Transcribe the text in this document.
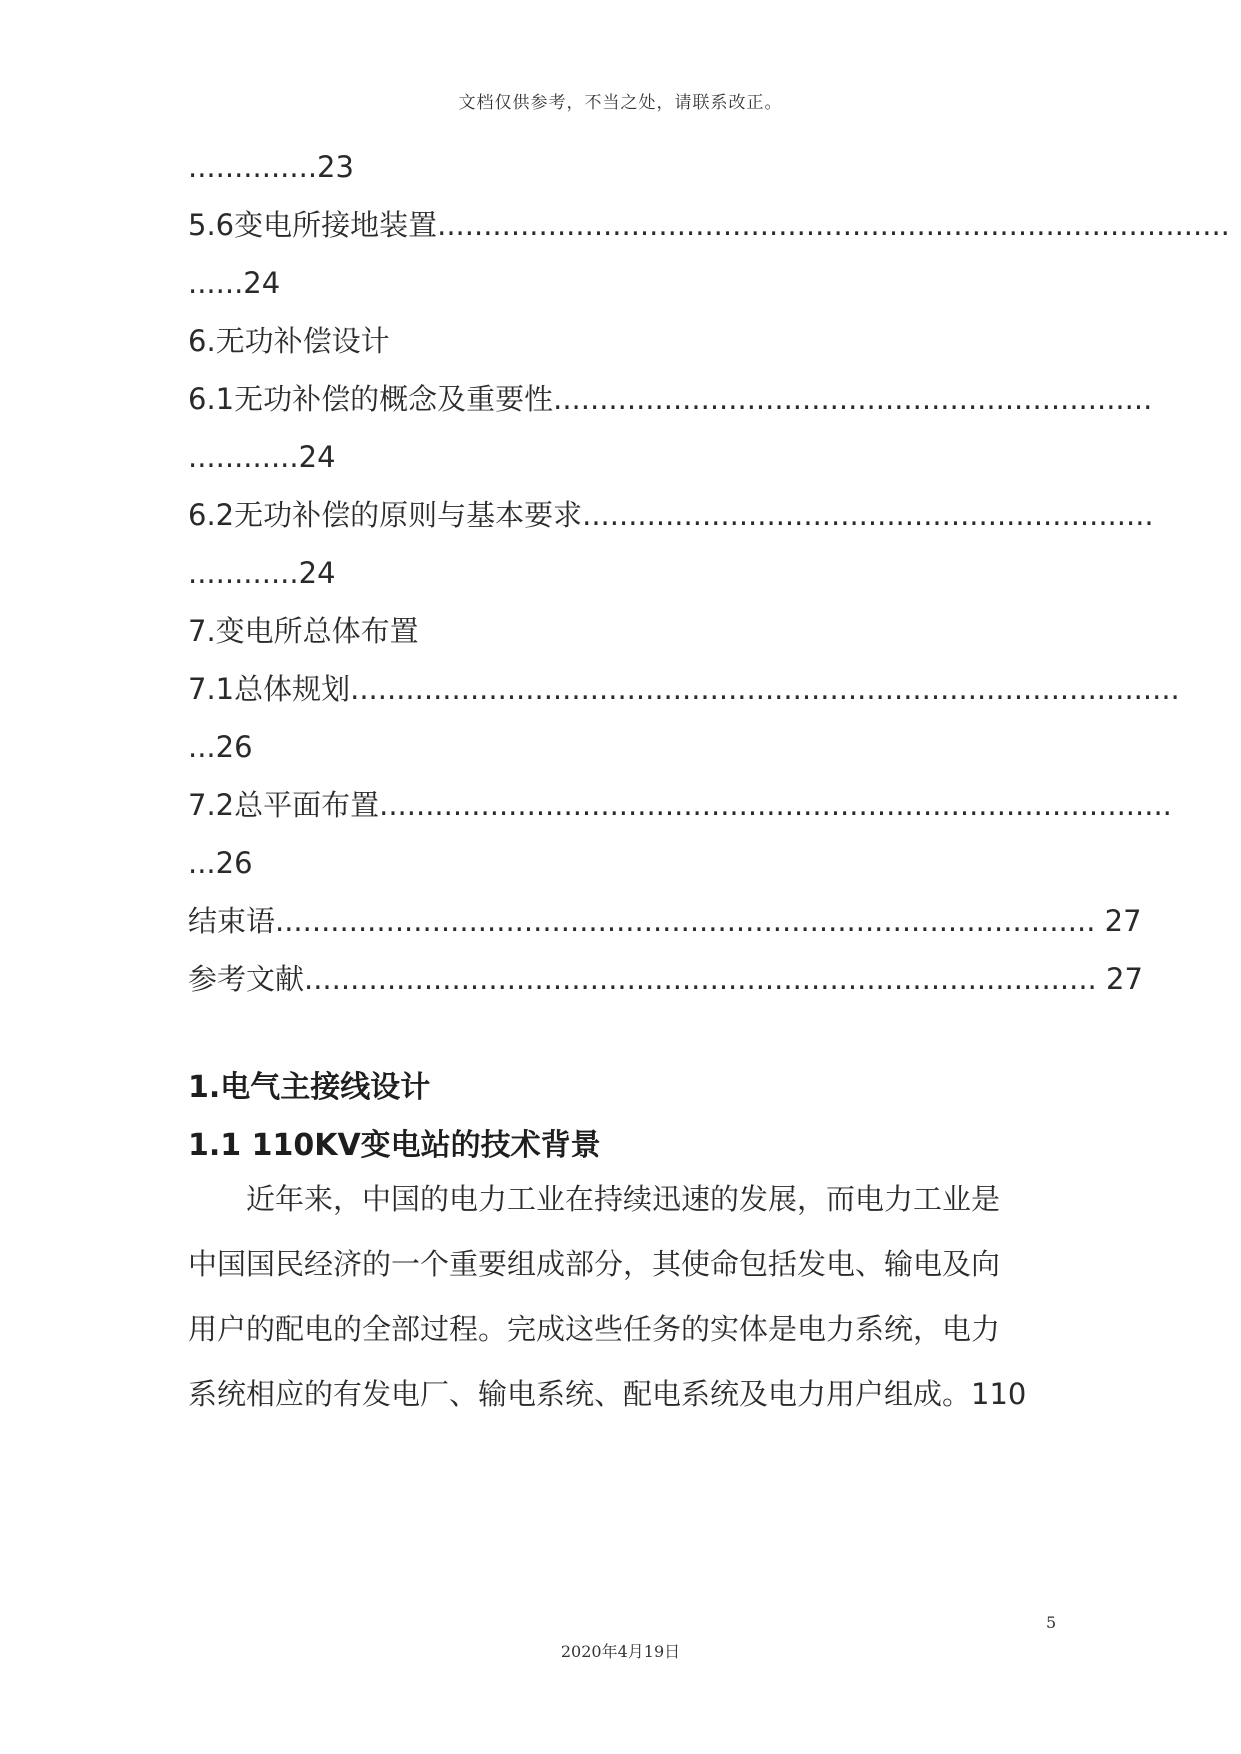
文档仅供参考，不当之处，请联系改正。
..............23
5.6变电所接地装置......................................................................................
......24
6.无功补偿设计
6.1无功补偿的概念及重要性.................................................................
............24
6.2无功补偿的原则与基本要求..............................................................
............24
7.变电所总体布置
7.1总体规划..........................................................................................
...26
7.2总平面布置......................................................................................
...26
结束语......................................................................................... 27
参考文献...................................................................................... 27
1.电气主接线设计
1.1 110KV变电站的技术背景
近年来，中国的电力工业在持续迅速的发展，而电力工业是
中国国民经济的一个重要组成部分，其使命包括发电、输电及向
用户的配电的全部过程。完成这些任务的实体是电力系统，电力
系统相应的有发电厂、输电系统、配电系统及电力用户组成。110
5
2020年4月19日
